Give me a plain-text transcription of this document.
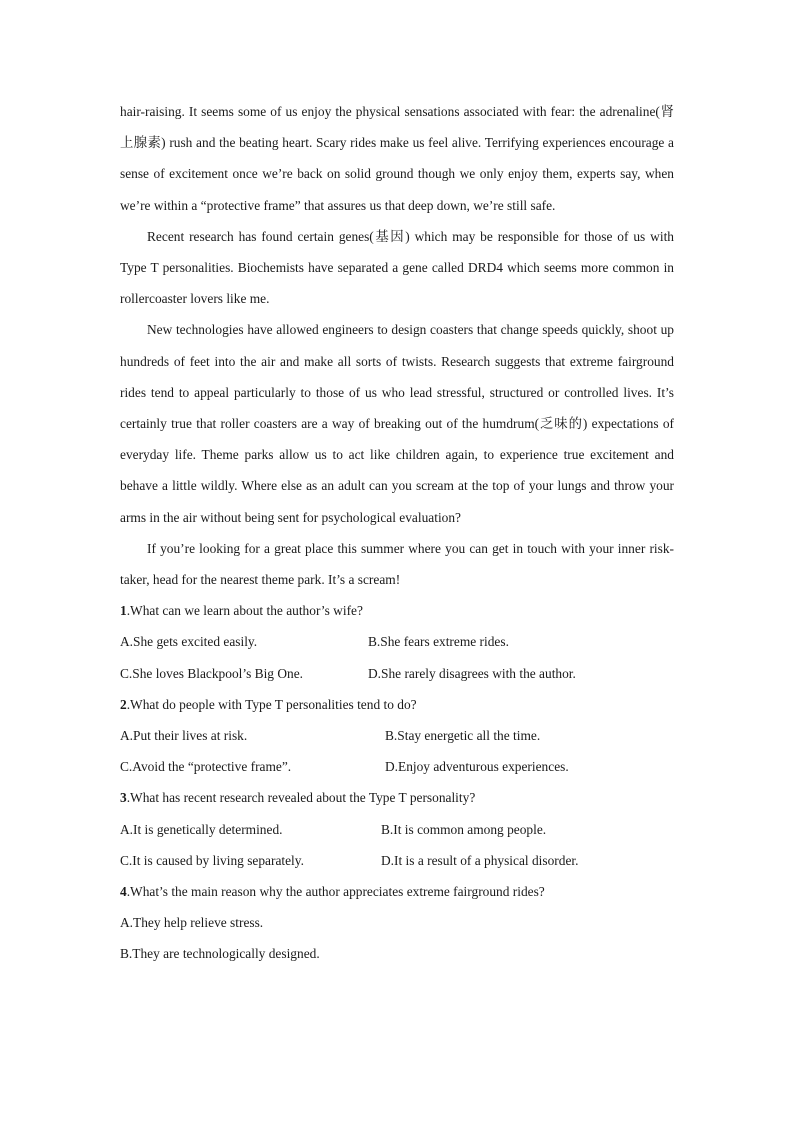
hair-raising. It seems some of us enjoy the physical sensations associated with fear: the adrenaline(肾上腺素) rush and the beating heart. Scary rides make us feel alive. Terrifying experiences encourage a sense of excitement once we’re back on solid ground though we only enjoy them, experts say, when we’re within a “protective frame” that assures us that deep down, we’re still safe.

Recent research has found certain genes(基因) which may be responsible for those of us with Type T personalities. Biochemists have separated a gene called DRD4 which seems more common in rollercoaster lovers like me.

New technologies have allowed engineers to design coasters that change speeds quickly, shoot up hundreds of feet into the air and make all sorts of twists. Research suggests that extreme fairground rides tend to appeal particularly to those of us who lead stressful, structured or controlled lives. It’s certainly true that roller coasters are a way of breaking out of the humdrum(乏味的) expectations of everyday life. Theme parks allow us to act like children again, to experience true excitement and behave a little wildly. Where else as an adult can you scream at the top of your lungs and throw your arms in the air without being sent for psychological evaluation?

If you’re looking for a great place this summer where you can get in touch with your inner risk-taker, head for the nearest theme park. It’s a scream!

1.What can we learn about the author’s wife?
A.She gets excited easily.	B.She fears extreme rides.
C.She loves Blackpool’s Big One.	D.She rarely disagrees with the author.
2.What do people with Type T personalities tend to do?
A.Put their lives at risk.	B.Stay energetic all the time.
C.Avoid the “protective frame”.	D.Enjoy adventurous experiences.
3.What has recent research revealed about the Type T personality?
A.It is genetically determined.	B.It is common among people.
C.It is caused by living separately.	D.It is a result of a physical disorder.
4.What’s the main reason why the author appreciates extreme fairground rides?
A.They help relieve stress.
B.They are technologically designed.
